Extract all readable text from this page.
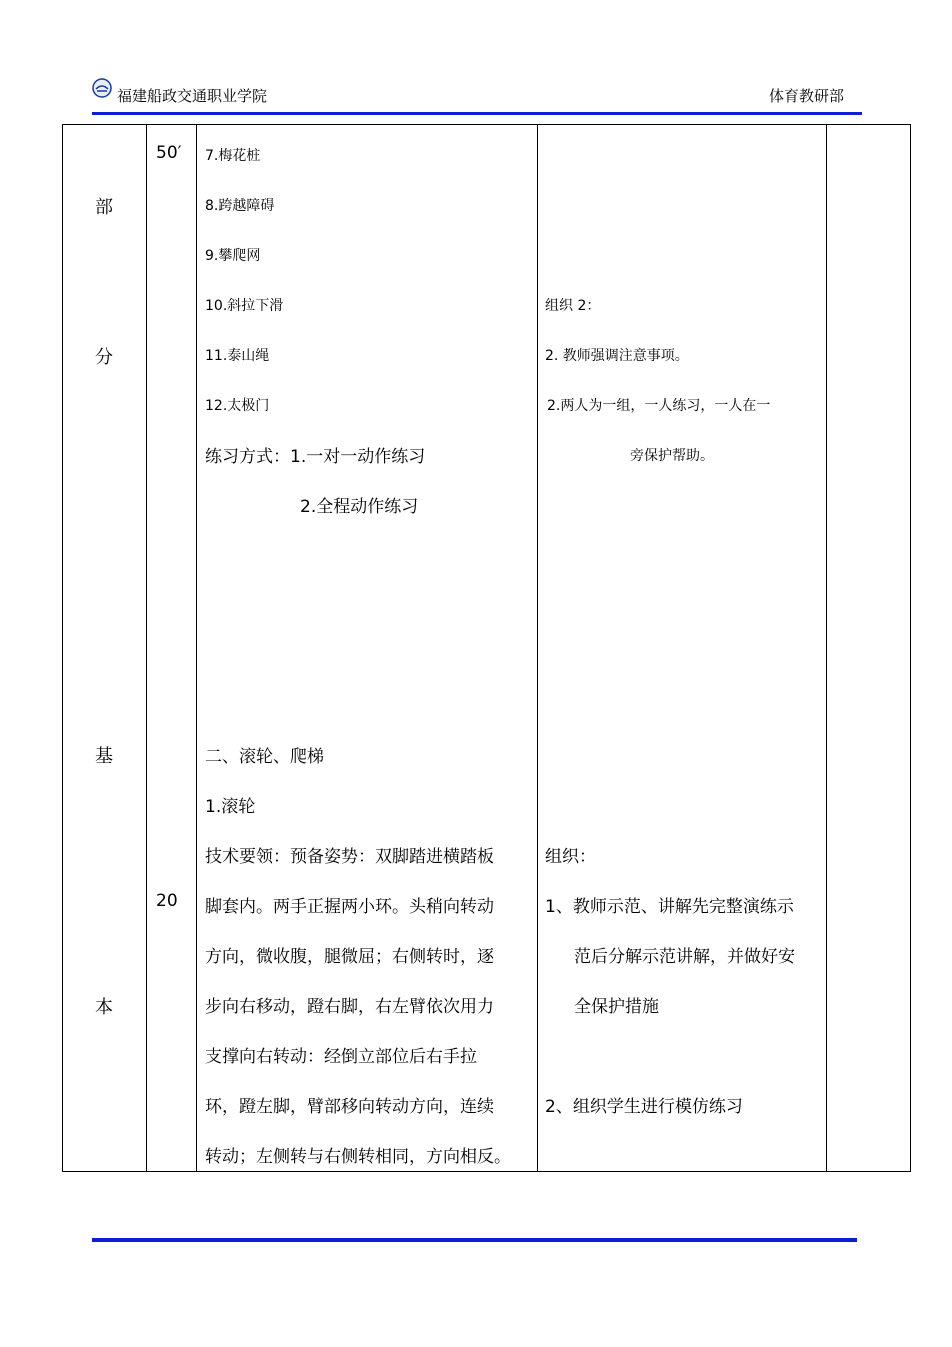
福建船政交通职业学院	体育教研部
部
分
基
本
50′
20
7.梅花桩
8.跨越障碍
9.攀爬网
10.斜拉下滑
11.泰山绳
12.太极门
练习方式：1.一对一动作练习
2.全程动作练习
二、滚轮、爬梯
1.滚轮
技术要领：预备姿势：双脚踏进横踏板
脚套内。两手正握两小环。头稍向转动
方向，微收腹，腿微屈；右侧转时，逐
步向右移动，蹬右脚，右左臂依次用力
支撑向右转动：经倒立部位后右手拉
环，蹬左脚，臂部移向转动方向，连续
转动；左侧转与右侧转相同，方向相反。
组织 2：
2. 教师强调注意事项。
2.两人为一组，一人练习，一人在一
旁保护帮助。
组织：
1、教师示范、讲解先完整演练示
范后分解示范讲解，并做好安
全保护措施
2、组织学生进行模仿练习
